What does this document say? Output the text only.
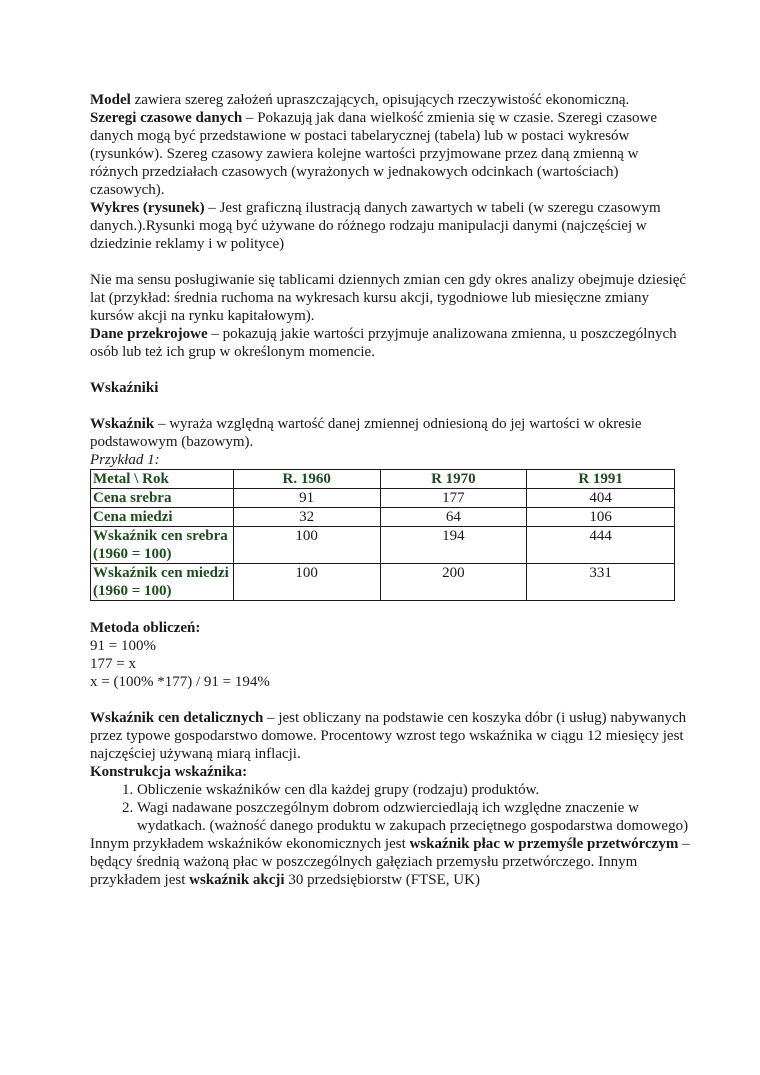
Model zawiera szereg założeń upraszczających, opisujących rzeczywistość ekonomiczną.

Szeregi czasowe danych – Pokazują jak dana wielkość zmienia się w czasie. Szeregi czasowe danych mogą być przedstawione w postaci tabelarycznej (tabela) lub w postaci wykresów (rysunków). Szereg czasowy zawiera kolejne wartości przyjmowane przez daną zmienną w różnych przedziałach czasowych (wyrażonych w jednakowych odcinkach (wartościach) czasowych).

Wykres (rysunek) – Jest graficzną ilustracją danych zawartych w tabeli (w szeregu czasowym danych.).Rysunki mogą być używane do różnego rodzaju manipulacji danymi (najczęściej w dziedzinie reklamy i w polityce)

Nie ma sensu posługiwanie się tablicami dziennych zmian cen gdy okres analizy obejmuje dziesięć lat (przykład: średnia ruchoma na wykresach kursu akcji, tygodniowe lub miesięczne zmiany kursów akcji na rynku kapitałowym).

Dane przekrojowe – pokazują jakie wartości przyjmuje analizowana zmienna, u poszczególnych osób lub też ich grup w określonym momencie.

Wskaźniki

Wskaźnik – wyraża względną wartość danej zmiennej odniesioną do jej wartości w okresie podstawowym (bazowym).

Przykład 1:

Metal \ Rok	R. 1960	R 1970	R 1991
Cena srebra	91	177	404
Cena miedzi	32	64	106
Wskaźnik cen srebra (1960 = 100)	100	194	444
Wskaźnik cen miedzi (1960 = 100)	100	200	331

Metoda obliczeń:

91 = 100%

177 = x

x = (100% *177) / 91 = 194%

Wskaźnik cen detalicznych – jest obliczany na podstawie cen koszyka dóbr (i usług) nabywanych przez typowe gospodarstwo domowe. Procentowy wzrost tego wskaźnika w ciągu 12 miesięcy jest najczęściej używaną miarą inflacji.

Konstrukcja wskaźnika:

1. Obliczenie wskaźników cen dla każdej grupy (rodzaju) produktów.
2. Wagi nadawane poszczególnym dobrom odzwierciedlają ich względne znaczenie w wydatkach. (ważność danego produktu w zakupach przeciętnego gospodarstwa domowego)

Innym przykładem wskaźników ekonomicznych jest wskaźnik płac w przemyśle przetwórczym – będący średnią ważoną płac w poszczególnych gałęziach przemysłu przetwórczego. Innym przykładem jest wskaźnik akcji 30 przedsiębiorstw (FTSE, UK)
